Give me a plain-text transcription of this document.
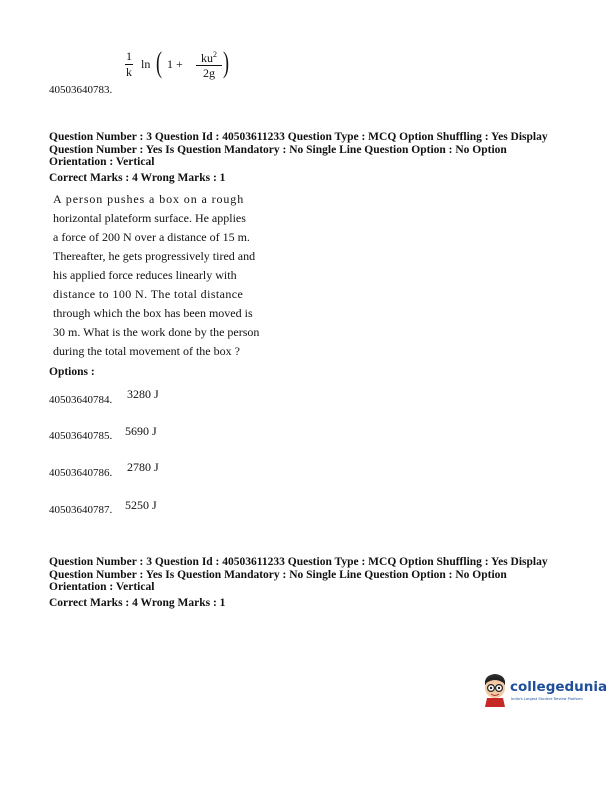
1
k
ln ( 1 +	$ku^2$
2g )
40503640783.
Question Number : 3 Question Id : 40503611233 Question Type : MCQ Option Shuffling : Yes Display
Question Number : Yes Is Question Mandatory : No Single Line Question Option : No Option
Orientation : Vertical
Correct Marks : 4 Wrong Marks : 1

A person pushes a box on a rough

horizontal plateform surface. He applies

a force of 200 N over a distance of 15 m.

Thereafter, he gets progressively tired and

his applied force reduces linearly with

distance to 100 N. The total distance

through which the box has been moved is

30 m. What is the work done by the person

during the total movement of the box ?

Options :
40503640784. 3280 J
40503640785. 5690 J
40503640786. 2780 J
40503640787. 5250 J
Question Number : 3 Question Id : 40503611233 Question Type : MCQ Option Shuffling : Yes Display
Question Number : Yes Is Question Mandatory : No Single Line Question Option : No Option
Orientation : Vertical
Correct Marks : 4 Wrong Marks : 1
collegedunia
India's Largest Student Review Platform
